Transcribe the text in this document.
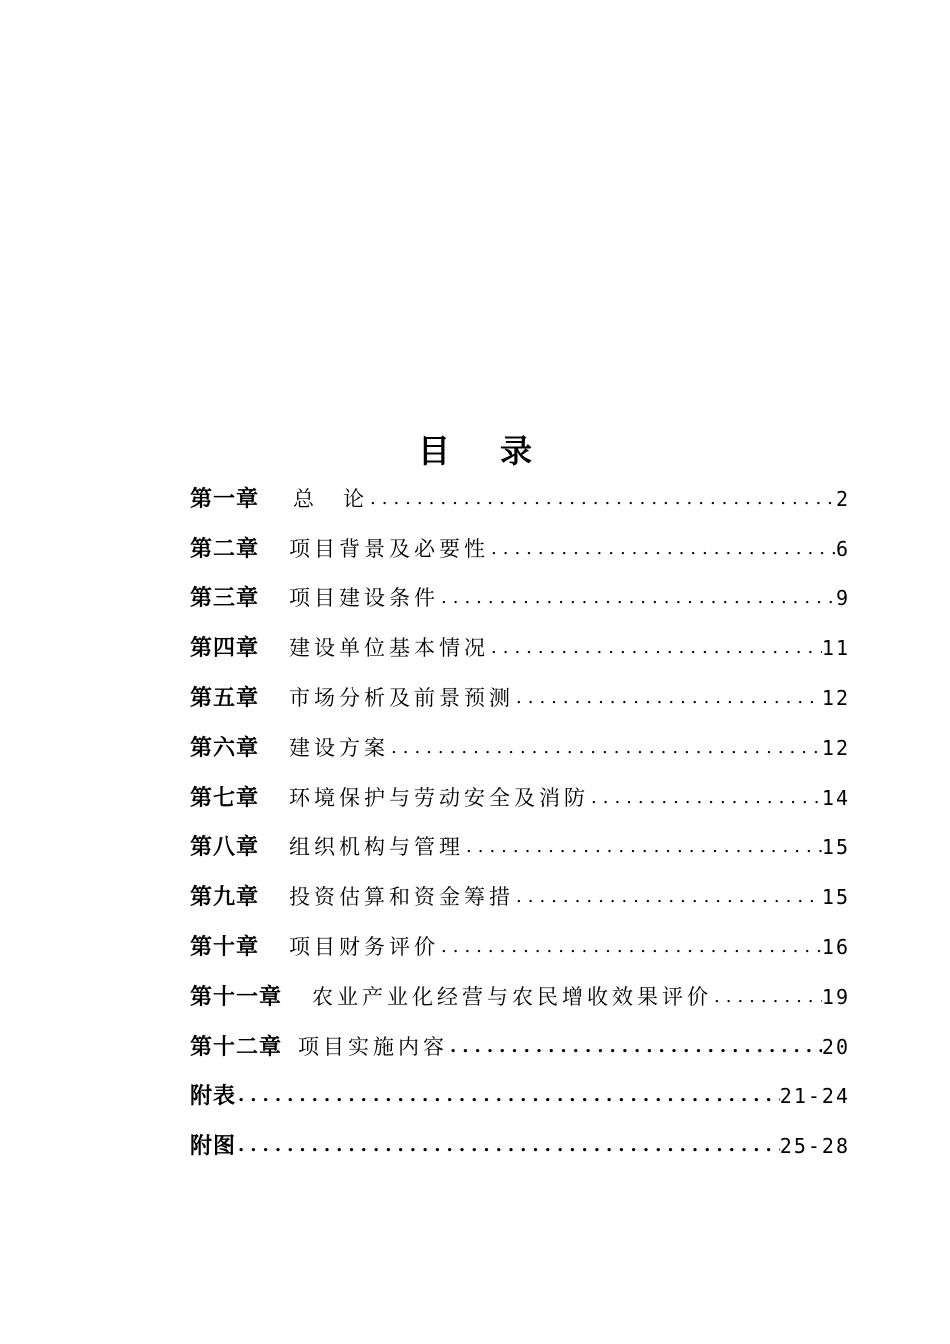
目录
第一章 总　论 .....	2
第二章 项目背景及必要性 .....	6
第三章 项目建设条件 .....	9
第四章 建设单位基本情况 .....	11
第五章 市场分析及前景预测 .....	12
第六章 建设方案 .....	12
第七章 环境保护与劳动安全及消防 .....	14
第八章 组织机构与管理 .....	15
第九章 投资估算和资金筹措 .....	15
第十章 项目财务评价 .....	16
第十一章 农业产业化经营与农民增收效果评价 .....	19
第十二章 项目实施内容 .....	20
附表 .....	21-24
附图 .....	25-28
